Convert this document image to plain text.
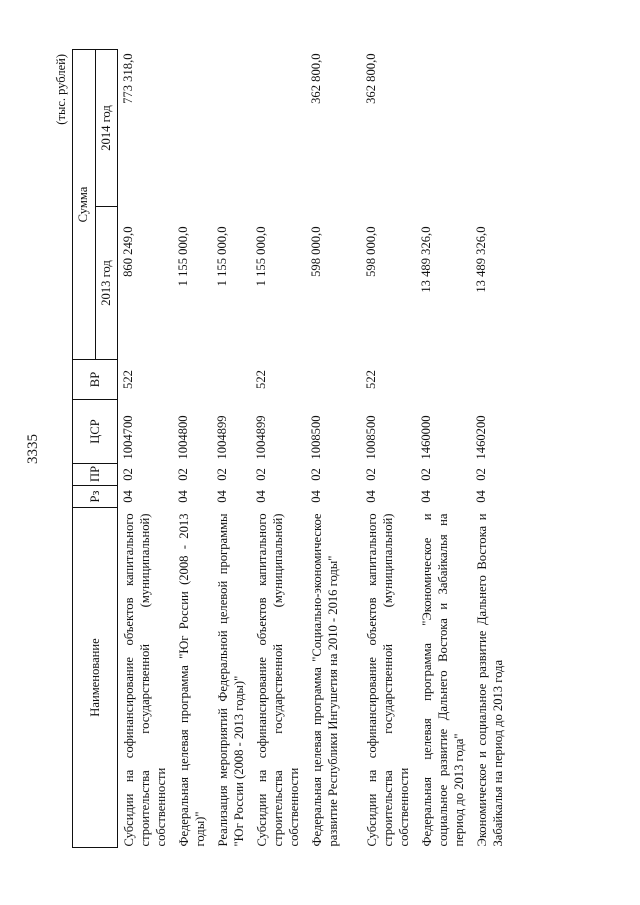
3335
(тыс. рублей)
Наименование	Рз	ПР	ЦСР	ВР	Сумма	
					2013 год	2014 год
Субсидии на софинансирование объектов капитального строительства государственной (муниципальной) собственности	04	02	1004700	522	860 249,0	773 318,0
Федеральная целевая программа "Юг России (2008 - 2013 годы)"	04	02	1004800		1 155 000,0	
Реализация мероприятий Федеральной целевой программы "Юг России (2008 - 2013 годы)"	04	02	1004899		1 155 000,0	
Субсидии на софинансирование объектов капитального строительства государственной (муниципальной) собственности	04	02	1004899	522	1 155 000,0	
Федеральная целевая программа "Социально-экономическое развитие Республики Ингушетия на 2010 - 2016 годы"	04	02	1008500		598 000,0	362 800,0
Субсидии на софинансирование объектов капитального строительства государственной (муниципальной) собственности	04	02	1008500	522	598 000,0	362 800,0
Федеральная целевая программа "Экономическое и социальное развитие Дальнего Востока и Забайкалья на период до 2013 года"	04	02	1460000		13 489 326,0	
Экономическое и социальное развитие Дальнего Востока и Забайкалья на период до 2013 года	04	02	1460200		13 489 326,0	
